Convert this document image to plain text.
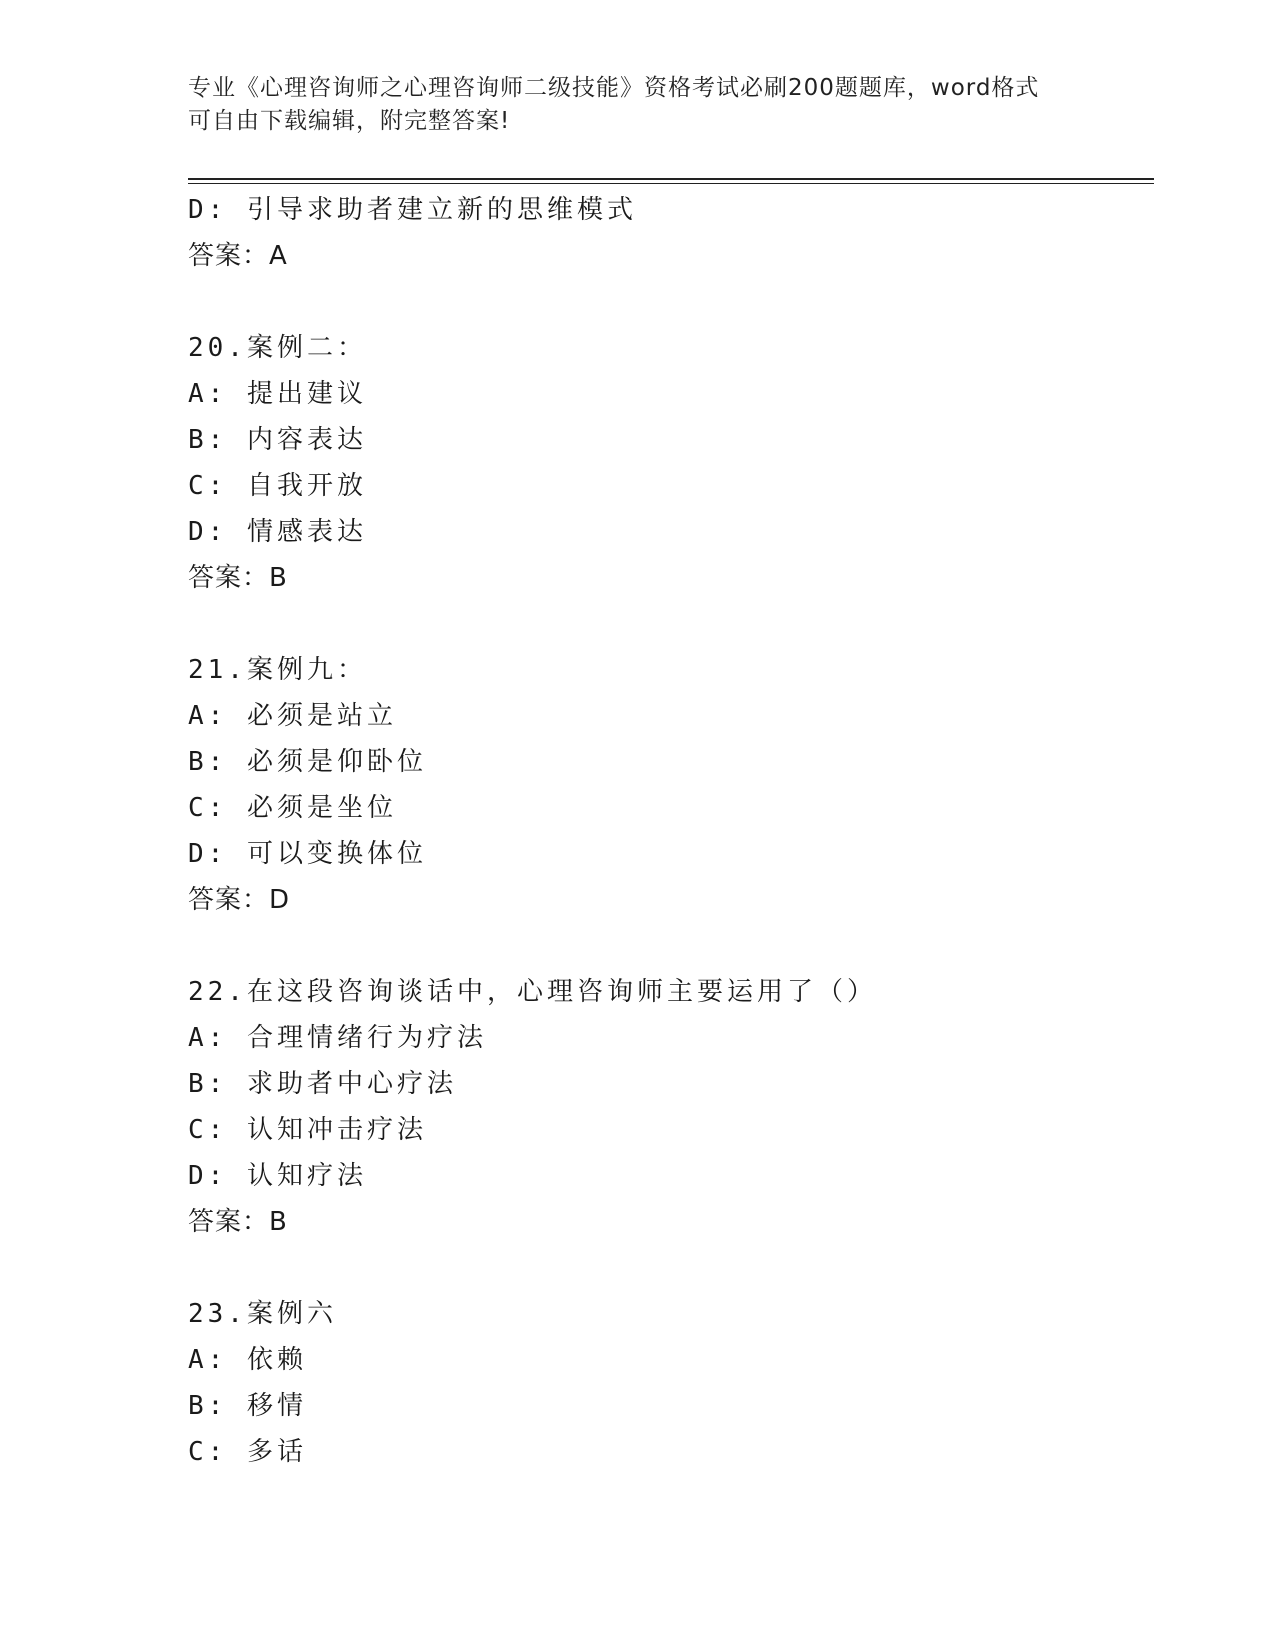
专业《心理咨询师之心理咨询师二级技能》资格考试必刷200题题库，word格式
可自由下载编辑，附完整答案!
D: 引导求助者建立新的思维模式
答案：A
20.案例二：
A: 提出建议
B: 内容表达
C: 自我开放
D: 情感表达
答案：B
21.案例九：
A: 必须是站立
B: 必须是仰卧位
C: 必须是坐位
D: 可以变换体位
答案：D
22.在这段咨询谈话中，心理咨询师主要运用了（）
A: 合理情绪行为疗法
B: 求助者中心疗法
C: 认知冲击疗法
D: 认知疗法
答案：B
23.案例六
A: 依赖
B: 移情
C: 多话
